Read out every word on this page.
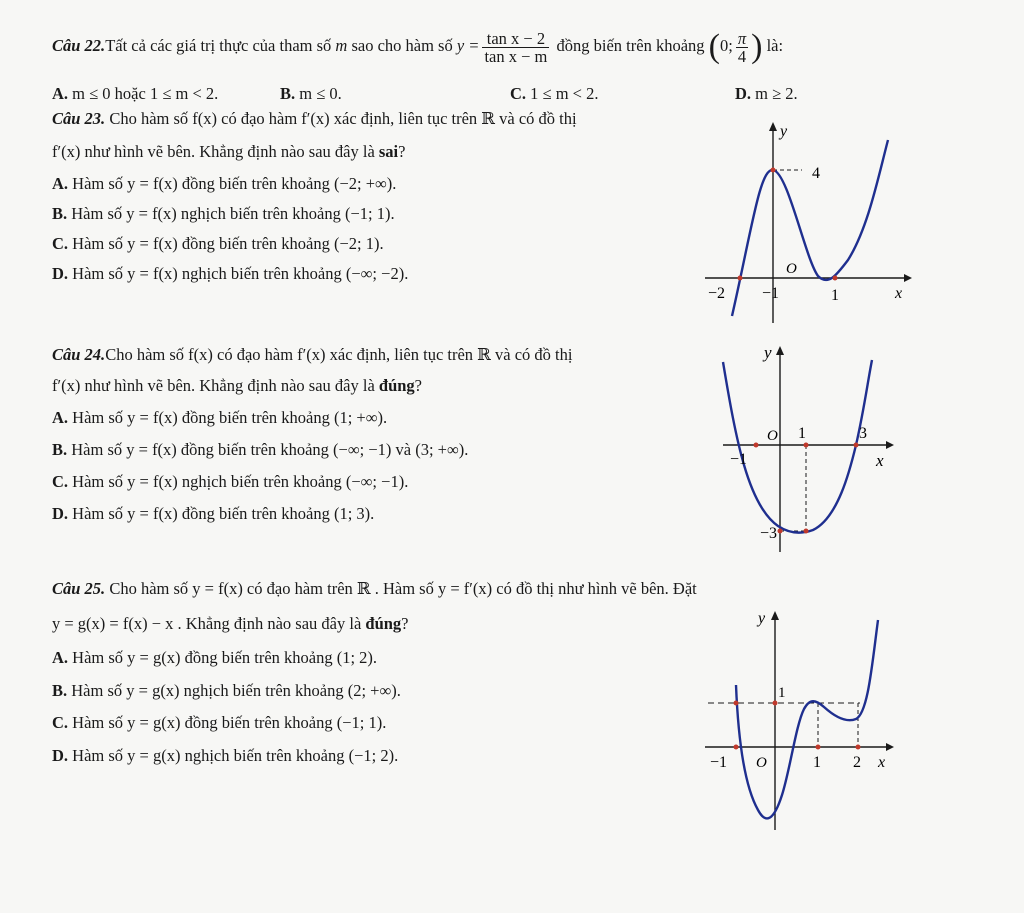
Câu 22.Tất cả các giá trị thực của tham số m sao cho hàm số $y = \frac{\text{tan x − 2}}{\text{tan x − m}}$ đồng biến trên khoảng (0; $\frac{\pi}{4}$ ) là:
A. m ≤ 0 hoặc 1 ≤ m < 2.	B. m ≤ 0.	C. 1 ≤ m < 2.	D. m ≥ 2.
Câu 23. Cho hàm số f(x) có đạo hàm f′(x) xác định, liên tục trên ℝ và có đồ thị
f′(x) như hình vẽ bên. Khẳng định nào sau đây là sai?
A. Hàm số y = f(x) đồng biến trên khoảng (−2; +∞).
B. Hàm số y = f(x) nghịch biến trên khoảng (−1; 1).
C. Hàm số y = f(x) đồng biến trên khoảng (−2; 1).
D. Hàm số y = f(x) nghịch biến trên khoảng (−∞; −2).
y
4
O
−2 −1	1	x
Câu 24.Cho hàm số f(x) có đạo hàm f′(x) xác định, liên tục trên ℝ và có đồ thị
f′(x) như hình vẽ bên. Khẳng định nào sau đây là đúng?
A. Hàm số y = f(x) đồng biến trên khoảng (1; +∞).
B. Hàm số y = f(x) đồng biến trên khoảng (−∞; −1) và (3; +∞).
C. Hàm số y = f(x) nghịch biến trên khoảng (−∞; −1).
D. Hàm số y = f(x) đồng biến trên khoảng (1; 3).
y
O 1	3
−1	x
−3
Câu 25. Cho hàm số y = f(x) có đạo hàm trên ℝ . Hàm số y = f′(x) có đồ thị như hình vẽ bên. Đặt
y = g(x) = f(x) − x . Khẳng định nào sau đây là đúng?
A. Hàm số y = g(x) đồng biến trên khoảng (1; 2).
B. Hàm số y = g(x) nghịch biến trên khoảng (2; +∞).
C. Hàm số y = g(x) đồng biến trên khoảng (−1; 1).
D. Hàm số y = g(x) nghịch biến trên khoảng (−1; 2).
y
1
−1 O	1 2 x
